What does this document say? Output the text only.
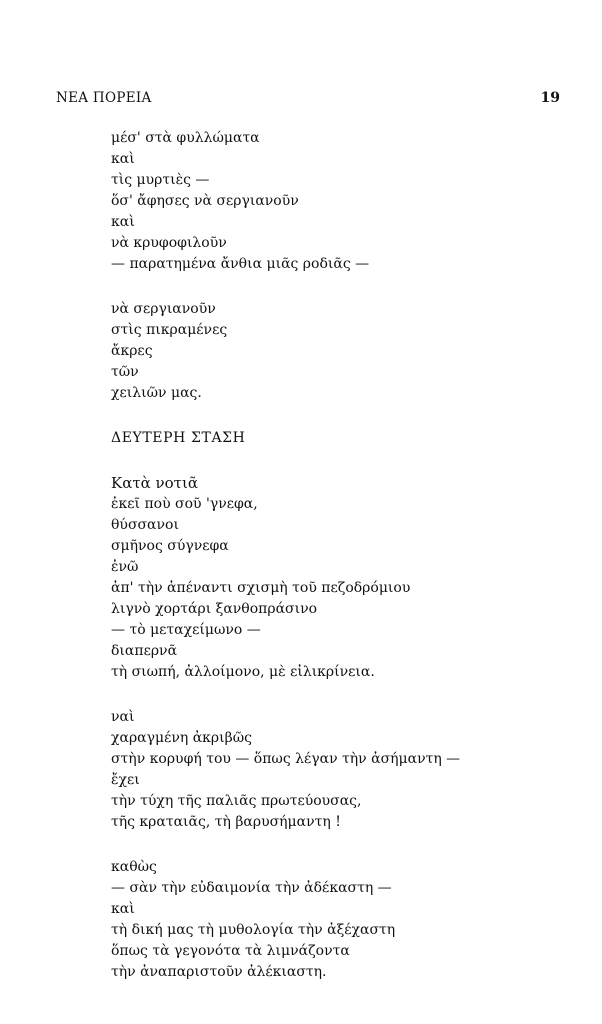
ΝΕΑ ΠΟΡΕΙΑ	19
μέσ' στὰ φυλλώματα
καὶ
τὶς μυρτιὲς —
ὅσ' ἄφησες νὰ σεργιανοῦν
καὶ
νὰ κρυφοφιλοῦν
— παρατημένα ἄνθια μιᾶς ροδιᾶς —
νὰ σεργιανοῦν
στὶς πικραμένες
ἄκρες
τῶν
χειλιῶν μας.
ΔΕΥΤΕΡΗ ΣΤΑΣΗ
Κατὰ νοτιᾶ
ἐκεῖ ποὺ σοῦ 'γνεφα,
θύσσανοι
σμῆνος σύγνεφα
ἐνῶ
ἀπ' τὴν ἀπέναντι σχισμὴ τοῦ πεζοδρόμιου
λιγνὸ χορτάρι ξανθοπράσινο
— τὸ μεταχείμωνο —
διαπερνᾶ
τὴ σιωπή, ἀλλοίμονο, μὲ εἰλικρίνεια.
ναὶ
χαραγμένη ἀκριβῶς
στὴν κορυφή του — ὅπως λέγαν τὴν ἀσήμαντη —
ἔχει
τὴν τύχη τῆς παλιᾶς πρωτεύουσας,
τῆς κραταιᾶς, τὴ βαρυσήμαντη !
καθὼς
— σὰν τὴν εὐδαιμονία τὴν ἀδέκαστη —
καὶ
τὴ δική μας τὴ μυθολογία τὴν ἀξέχαστη
ὅπως τὰ γεγονότα τὰ λιμνάζοντα
τὴν ἀναπαριστοῦν ἀλέκιαστη.
